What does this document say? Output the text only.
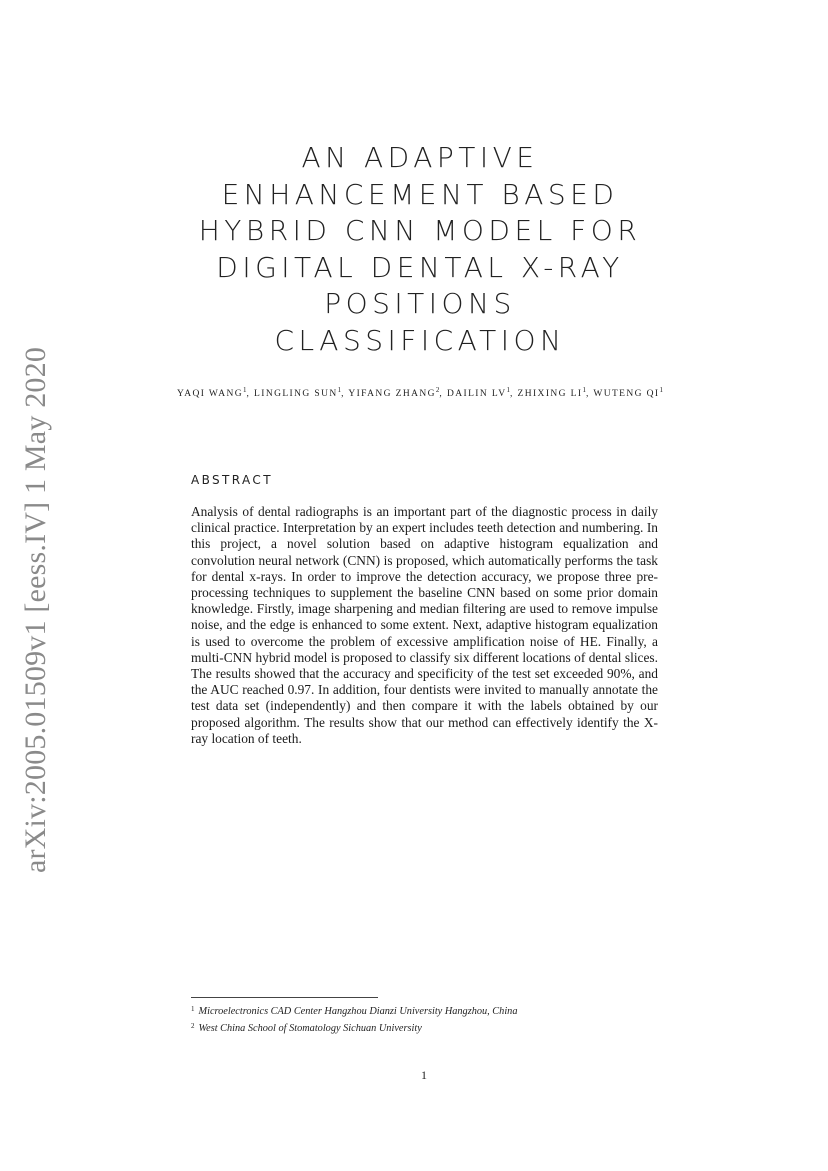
arXiv:2005.01509v1 [eess.IV] 1 May 2020
AN ADAPTIVE
ENHANCEMENT BASED
HYBRID CNN MODEL FOR
DIGITAL DENTAL X-RAY
POSITIONS
CLASSIFICATION
YAQI WANG$^1$, LINGLING SUN$^1$, YIFANG ZHANG$^2$, DAILIN $LV^1$, ZHIXING $LI^1$, WUTENG $QI^1$
ABSTRACT

Analysis of dental radiographs is an important part of the diagnostic process in daily clinical practice. Interpretation by an expert includes teeth detection and numbering. In this project, a novel solution based on adaptive histogram equalization and convolution neural network (CNN) is proposed, which automatically performs the task for dental x-rays. In order to improve the detection accuracy, we propose three pre-processing techniques to supplement the baseline CNN based on some prior domain knowledge. Firstly, image sharpening and median filtering are used to remove impulse noise, and the edge is enhanced to some extent. Next, adaptive histogram equalization is used to overcome the problem of excessive amplification noise of HE. Finally, a multi-CNN hybrid model is proposed to classify six different locations of dental slices. The results showed that the accuracy and specificity of the test set exceeded 90%, and the AUC reached 0.97. In addition, four dentists were invited to manually annotate the test data set (independently) and then compare it with the labels obtained by our proposed algorithm. The results show that our method can effectively identify the X-ray location of teeth.

$^1$ Microelectronics CAD Center Hangzhou Dianzi University Hangzhou, China
$^2$ West China School of Stomatology Sichuan University
1
